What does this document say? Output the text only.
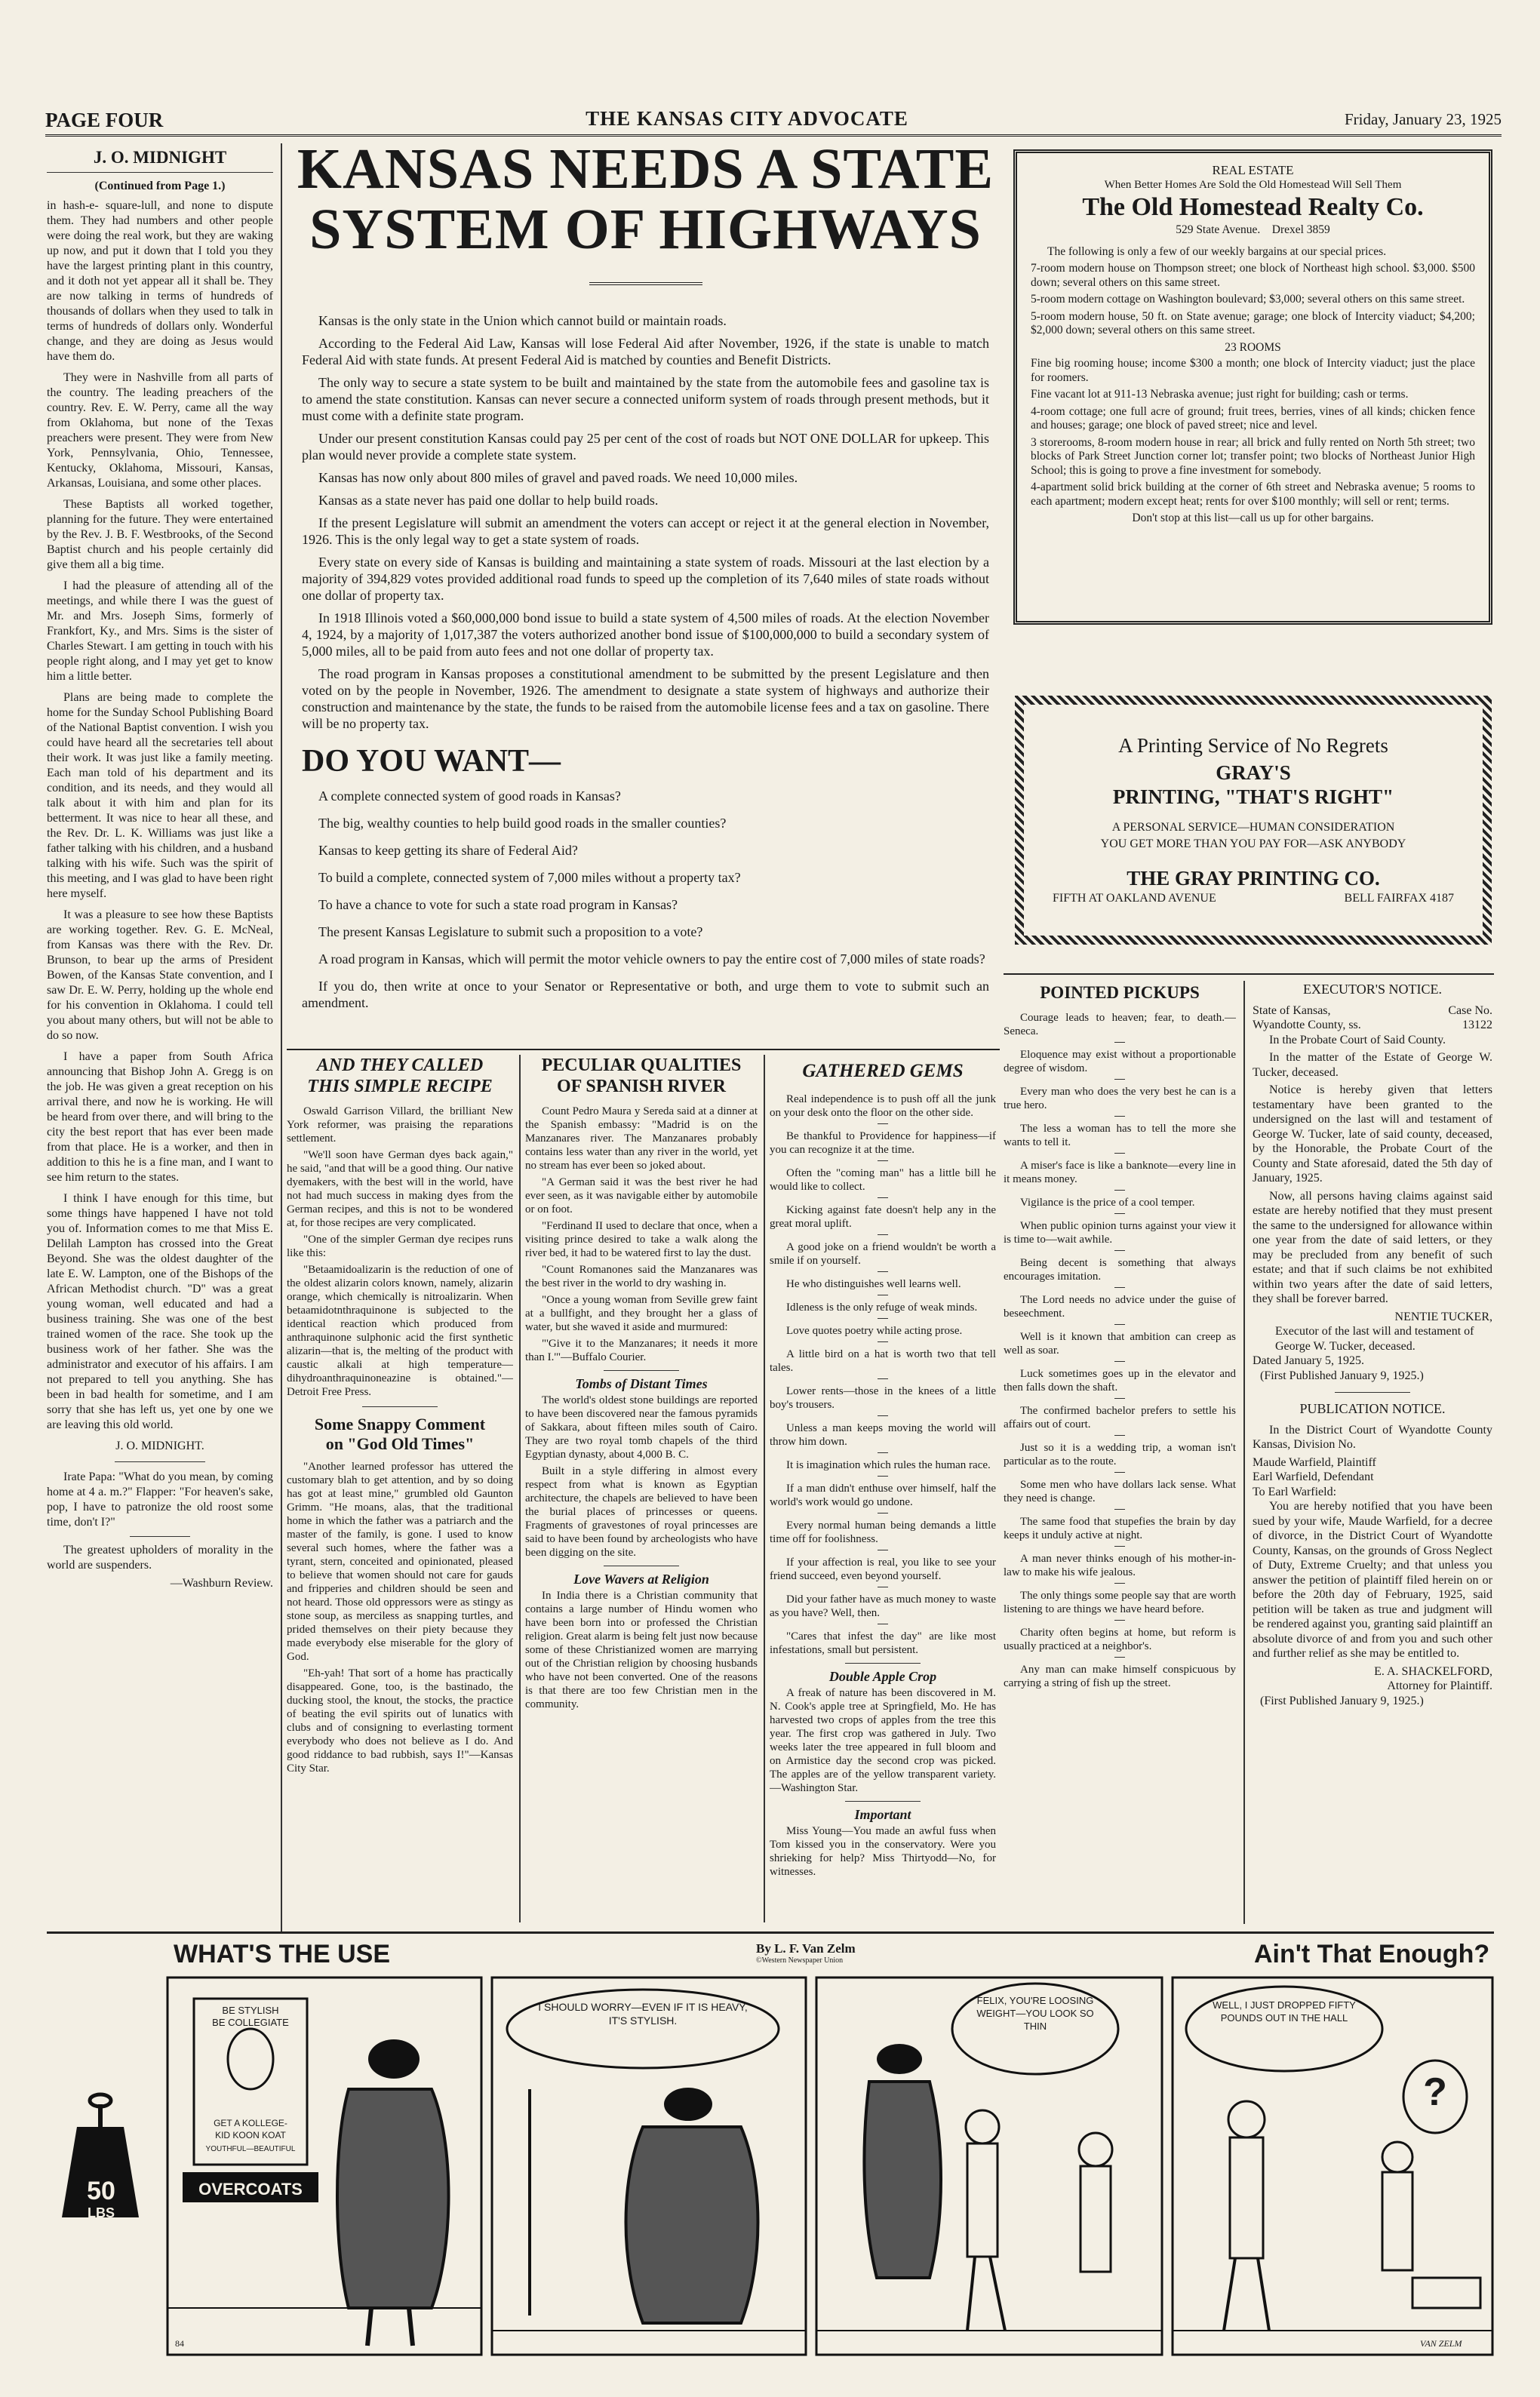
PAGE FOUR	THE KANSAS CITY ADVOCATE	Friday, January 23, 1925
J. O. MIDNIGHT
(Continued from Page 1.)

in hash-e- square-lull, and none to dispute them. They had numbers and other people were doing the real work, but they are waking up now, and put it down that I told you they have the largest printing plant in this country, and it doth not yet appear all it shall be. They are now talking in terms of hundreds of thousands of dollars when they used to talk in terms of hundreds of dollars only. Wonderful change, and they are doing as Jesus would have them do.

They were in Nashville from all parts of the country. The leading preachers of the country. Rev. E. W. Perry, came all the way from Oklahoma, but none of the Texas preachers were present. They were from New York, Pennsylvania, Ohio, Tennessee, Kentucky, Oklahoma, Missouri, Kansas, Arkansas, Louisiana, and some other places.

These Baptists all worked together, planning for the future. They were entertained by the Rev. J. B. F. Westbrooks, of the Second Baptist church and his people certainly did give them all a big time.

I had the pleasure of attending all of the meetings, and while there I was the guest of Mr. and Mrs. Joseph Sims, formerly of Frankfort, Ky., and Mrs. Sims is the sister of Charles Stewart. I am getting in touch with his people right along, and I may yet get to know him a little better.

Plans are being made to complete the home for the Sunday School Publishing Board of the National Baptist convention. I wish you could have heard all the secretaries tell about their work. It was just like a family meeting. Each man told of his department and its condition, and its needs, and they would all talk about it with him and plan for its betterment. It was nice to hear all these, and the Rev. Dr. L. K. Williams was just like a father talking with his children, and a husband talking with his wife. Such was the spirit of this meeting, and I was glad to have been right here myself.

It was a pleasure to see how these Baptists are working together. Rev. G. E. McNeal, from Kansas was there with the Rev. Dr. Brunson, to bear up the arms of President Bowen, of the Kansas State convention, and I saw Dr. E. W. Perry, holding up the whole end for his convention in Oklahoma. I could tell you about many others, but will not be able to do so now.

I have a paper from South Africa announcing that Bishop John A. Gregg is on the job. He was given a great reception on his arrival there, and now he is working. He will be heard from over there, and will bring to the city the best report that has ever been made from that place. He is a worker, and then in addition to this he is a fine man, and I want to see him return to the states.

I think I have enough for this time, but some things have happened I have not told you of. Information comes to me that Miss E. Delilah Lampton has crossed into the Great Beyond. She was the oldest daughter of the late E. W. Lampton, one of the Bishops of the African Methodist church. "D" was a great young woman, well educated and had a business training. She was one of the best trained women of the race. She took up the business work of her father. She was the administrator and executor of his affairs. I am not prepared to tell you anything. She has been in bad health for sometime, and I am sorry that she has left us, yet one by one we are leaving this old world.

J. O. MIDNIGHT.

Irate Papa: "What do you mean, by coming home at 4 a. m.?" Flapper: "For heaven's sake, pop, I have to patronize the old roost some time, don't I?"

The greatest upholders of morality in the world are suspenders.

—Washburn Review.
KANSAS NEEDS A STATE
SYSTEM OF HIGHWAYS

Kansas is the only state in the Union which cannot build or maintain roads.

According to the Federal Aid Law, Kansas will lose Federal Aid after November, 1926, if the state is unable to match Federal Aid with state funds. At present Federal Aid is matched by counties and Benefit Districts.

The only way to secure a state system to be built and maintained by the state from the automobile fees and gasoline tax is to amend the state constitution. Kansas can never secure a connected uniform system of roads through present methods, but it must come with a definite state program.

Under our present constitution Kansas could pay 25 per cent of the cost of roads but NOT ONE DOLLAR for upkeep. This plan would never provide a complete state system.

Kansas has now only about 800 miles of gravel and paved roads. We need 10,000 miles.

Kansas as a state never has paid one dollar to help build roads.

If the present Legislature will submit an amendment the voters can accept or reject it at the general election in November, 1926. This is the only legal way to get a state system of roads.

Every state on every side of Kansas is building and maintaining a state system of roads. Missouri at the last election by a majority of 394,829 votes provided additional road funds to speed up the completion of its 7,640 miles of state roads without one dollar of property tax.

In 1918 Illinois voted a $60,000,000 bond issue to build a state system of 4,500 miles of roads. At the election November 4, 1924, by a majority of 1,017,387 the voters authorized another bond issue of $100,000,000 to build a secondary system of 5,000 miles, all to be paid from auto fees and not one dollar of property tax.

The road program in Kansas proposes a constitutional amendment to be submitted by the present Legislature and then voted on by the people in November, 1926. The amendment to designate a state system of highways and authorize their construction and maintenance by the state, the funds to be raised from the automobile license fees and a tax on gasoline. There will be no property tax.

DO YOU WANT—

A complete connected system of good roads in Kansas?

The big, wealthy counties to help build good roads in the smaller counties?

Kansas to keep getting its share of Federal Aid?

To build a complete, connected system of 7,000 miles without a property tax?

To have a chance to vote for such a state road program in Kansas?

The present Kansas Legislature to submit such a proposition to a vote?

A road program in Kansas, which will permit the motor vehicle owners to pay the entire cost of 7,000 miles of state roads?

If you do, then write at once to your Senator or Representative or both, and urge them to vote to submit such an amendment.

REAL ESTATE
When Better Homes Are Sold the Old Homestead Will Sell Them
The Old Homestead Realty Co.
529 State Avenue.    Drexel 3859

The following is only a few of our weekly bargains at our special prices.

7-room modern house on Thompson street; one block of Northeast high school. $3,000. $500 down; several others on this same street.

5-room modern cottage on Washington boulevard; $3,000; several others on this same street.

5-room modern house, 50 ft. on State avenue; garage; one block of Intercity viaduct; $4,200; $2,000 down; several others on this same street.

23 ROOMS

Fine big rooming house; income $300 a month; one block of Intercity viaduct; just the place for roomers.

Fine vacant lot at 911-13 Nebraska avenue; just right for building; cash or terms.

4-room cottage; one full acre of ground; fruit trees, berries, vines of all kinds; chicken fence and houses; garage; one block of paved street; nice and level.

3 storerooms, 8-room modern house in rear; all brick and fully rented on North 5th street; two blocks of Park Street Junction corner lot; transfer point; two blocks of Northeast Junior High School; this is going to prove a fine investment for somebody.

4-apartment solid brick building at the corner of 6th street and Nebraska avenue; 5 rooms to each apartment; modern except heat; rents for over $100 monthly; will sell or rent; terms.

Don't stop at this list—call us up for other bargains.
A Printing Service of No Regrets
GRAY'S
PRINTING, "THAT'S RIGHT"
A PERSONAL SERVICE—HUMAN CONSIDERATION
YOU GET MORE THAN YOU PAY FOR—ASK ANYBODY
THE GRAY PRINTING CO.
FIFTH AT OAKLAND AVENUE	BELL FAIRFAX 4187
POINTED PICKUPS

Courage leads to heaven; fear, to death.—Seneca.

Eloquence may exist without a proportionable degree of wisdom.

Every man who does the very best he can is a true hero.

The less a woman has to tell the more she wants to tell it.

A miser's face is like a banknote—every line in it means money.

Vigilance is the price of a cool temper.

When public opinion turns against your view it is time to—wait awhile.

Being decent is something that always encourages imitation.

The Lord needs no advice under the guise of beseechment.

Well is it known that ambition can creep as well as soar.

Luck sometimes goes up in the elevator and then falls down the shaft.

The confirmed bachelor prefers to settle his affairs out of court.

Just so it is a wedding trip, a woman isn't particular as to the route.

Some men who have dollars lack sense. What they need is change.

The same food that stupefies the brain by day keeps it unduly active at night.

A man never thinks enough of his mother-in-law to make his wife jealous.

The only things some people say that are worth listening to are things we have heard before.

Charity often begins at home, but reform is usually practiced at a neighbor's.

Any man can make himself conspicuous by carrying a string of fish up the street.

EXECUTOR'S NOTICE.
State of Kansas,	Case No.
Wyandotte County, ss.	13122

In the Probate Court of Said County.

In the matter of the Estate of George W. Tucker, deceased.

Notice is hereby given that letters testamentary have been granted to the undersigned on the last will and testament of George W. Tucker, late of said county, deceased, by the Honorable, the Probate Court of the County and State aforesaid, dated the 5th day of January, 1925.

Now, all persons having claims against said estate are hereby notified that they must present the same to the undersigned for allowance within one year from the date of said letters, or they may be precluded from any benefit of such estate; and that if such claims be not exhibited within two years after the date of said letters, they shall be forever barred.

NENTIE TUCKER,
Executor of the last will and testament of George W. Tucker, deceased.
Dated January 5, 1925.
(First Published January 9, 1925.)
PUBLICATION NOTICE.

In the District Court of Wyandotte County Kansas, Division No.

Maude Warfield, Plaintiff
Earl Warfield, Defendant
To Earl Warfield:

You are hereby notified that you have been sued by your wife, Maude Warfield, for a decree of divorce, in the District Court of Wyandotte County, Kansas, on the grounds of Gross Neglect of Duty, Extreme Cruelty; and that unless you answer the petition of plaintiff filed herein on or before the 20th day of February, 1925, said petition will be taken as true and judgment will be rendered against you, granting said plaintiff an absolute divorce of and from you and such other and further relief as she may be entitled to.

E. A. SHACKELFORD,
Attorney for Plaintiff.
(First Published January 9, 1925.)
AND THEY CALLED
THIS SIMPLE RECIPE

Oswald Garrison Villard, the brilliant New York reformer, was praising the reparations settlement.

"We'll soon have German dyes back again," he said, "and that will be a good thing. Our native dyemakers, with the best will in the world, have not had much success in making dyes from the German recipes, and this is not to be wondered at, for those recipes are very complicated.

"One of the simpler German dye recipes runs like this:

"Betaamidoalizarin is the reduction of one of the oldest alizarin colors known, namely, alizarin orange, which chemically is nitroalizarin. When betaamidotnthraquinone is subjected to the identical reaction which produced from anthraquinone sulphonic acid the first synthetic alizarin—that is, the melting of the product with caustic alkali at high temperature—dihydroanthraquinoneazine is obtained."—Detroit Free Press.

Some Snappy Comment
on "God Old Times"

"Another learned professor has uttered the customary blah to get attention, and by so doing has got at least mine," grumbled old Gaunton Grimm. "He moans, alas, that the traditional home in which the father was a patriarch and the master of the family, is gone. I used to know several such homes, where the father was a tyrant, stern, conceited and opinionated, pleased to believe that women should not care for gauds and fripperies and children should be seen and not heard. Those old oppressors were as stingy as stone soup, as merciless as snapping turtles, and prided themselves on their piety because they made everybody else miserable for the glory of God.

"Eh-yah! That sort of a home has practically disappeared. Gone, too, is the bastinado, the ducking stool, the knout, the stocks, the practice of beating the evil spirits out of lunatics with clubs and of consigning to everlasting torment everybody who does not believe as I do. And good riddance to bad rubbish, says I!"—Kansas City Star.

PECULIAR QUALITIES
OF SPANISH RIVER

Count Pedro Maura y Sereda said at a dinner at the Spanish embassy: "Madrid is on the Manzanares river. The Manzanares probably contains less water than any river in the world, yet no stream has ever been so joked about.

"A German said it was the best river he had ever seen, as it was navigable either by automobile or on foot.

"Ferdinand II used to declare that once, when a visiting prince desired to take a walk along the river bed, it had to be watered first to lay the dust.

"Count Romanones said the Manzanares was the best river in the world to dry washing in.

"Once a young woman from Seville grew faint at a bullfight, and they brought her a glass of water, but she waved it aside and murmured:

"'Give it to the Manzanares; it needs it more than I.'"—Buffalo Courier.

Tombs of Distant Times

The world's oldest stone buildings are reported to have been discovered near the famous pyramids of Sakkara, about fifteen miles south of Cairo. They are two royal tomb chapels of the third Egyptian dynasty, about 4,000 B. C.

Built in a style differing in almost every respect from what is known as Egyptian architecture, the chapels are believed to have been the burial places of princesses or queens. Fragments of gravestones of royal princesses are said to have been found by archeologists who have been digging on the site.

Love Wavers at Religion

In India there is a Christian community that contains a large number of Hindu women who have been born into or professed the Christian religion. Great alarm is being felt just now because some of these Christianized women are marrying out of the Christian religion by choosing husbands who have not been converted. One of the reasons is that there are too few Christian men in the community.

GATHERED GEMS

Real independence is to push off all the junk on your desk onto the floor on the other side.

Be thankful to Providence for happiness—if you can recognize it at the time.

Often the "coming man" has a little bill he would like to collect.

Kicking against fate doesn't help any in the great moral uplift.

A good joke on a friend wouldn't be worth a smile if on yourself.

He who distinguishes well learns well.

Idleness is the only refuge of weak minds.

Love quotes poetry while acting prose.

A little bird on a hat is worth two that tell tales.

Lower rents—those in the knees of a little boy's trousers.

Unless a man keeps moving the world will throw him down.

It is imagination which rules the human race.

If a man didn't enthuse over himself, half the world's work would go undone.

Every normal human being demands a little time off for foolishness.

If your affection is real, you like to see your friend succeed, even beyond yourself.

Did your father have as much money to waste as you have? Well, then.

"Cares that infest the day" are like most infestations, small but persistent.

Double Apple Crop

A freak of nature has been discovered in M. N. Cook's apple tree at Springfield, Mo. He has harvested two crops of apples from the tree this year. The first crop was gathered in July. Two weeks later the tree appeared in full bloom and on Armistice day the second crop was picked. The apples are of the yellow transparent variety. —Washington Star.

Important

Miss Young—You made an awful fuss when Tom kissed you in the conservatory. Were you shrieking for help? Miss Thirtyodd—No, for witnesses.

WHAT'S THE USE	By L. F. Van Zelm
©Western Newspaper Union	Ain't That Enough?
50
LBS
BE STYLISH
BE COLLEGIATE
GET A KOLLEGE-
KID KOON KOAT
YOUTHFUL—BEAUTIFUL
OVERCOATS
I SHOULD WORRY—EVEN IF IT IS HEAVY, IT'S STYLISH.
FELIX, YOU'RE LOOSING WEIGHT—YOU LOOK SO THIN
WELL, I JUST DROPPED FIFTY POUNDS OUT IN THE HALL
?
84	VAN ZELM
